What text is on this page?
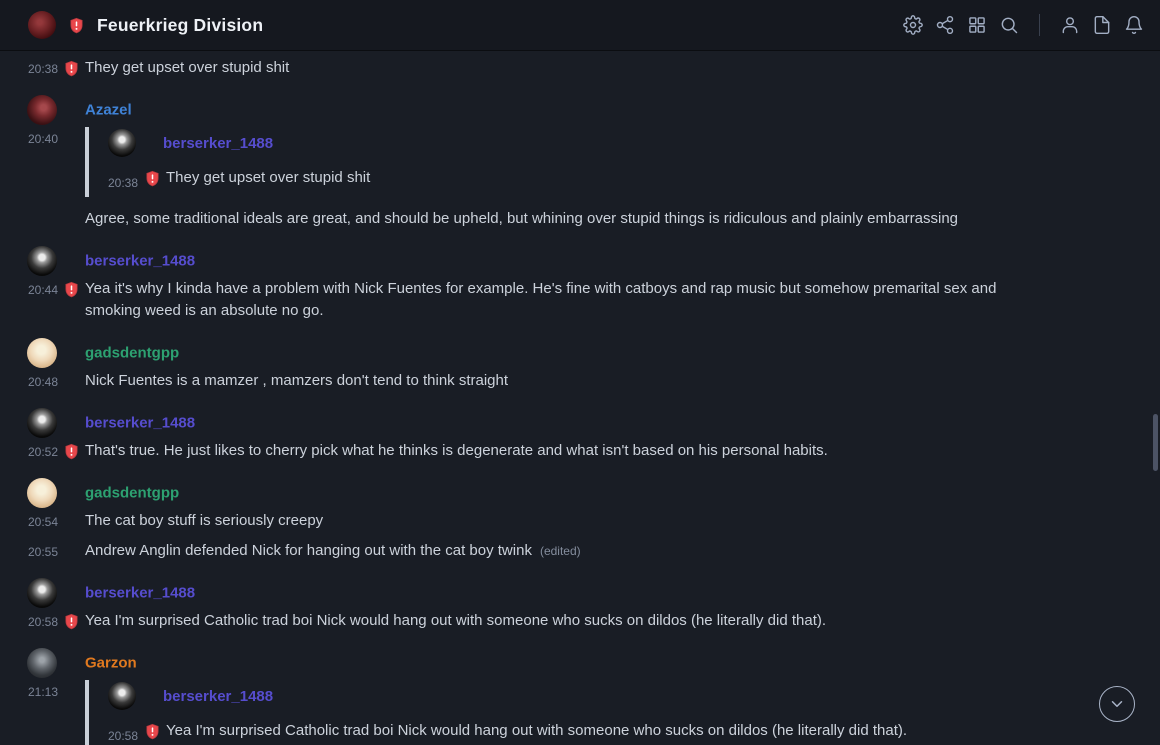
Feuerkrieg Division
20:38 They get upset over stupid shit
Azazel
20:40	berserker_1488
20:38 They get upset over stupid shit
Agree, some traditional ideals are great, and should be upheld, but whining over stupid things is ridiculous and plainly embarrassing
berserker_1488
20:44 Yea it's why I kinda have a problem with Nick Fuentes for example. He's fine with catboys and rap music but somehow premarital sex and smoking weed is an absolute no go.
gadsdentgpp
20:48 Nick Fuentes is a mamzer , mamzers don't tend to think straight
berserker_1488
20:52 That's true. He just likes to cherry pick what he thinks is degenerate and what isn't based on his personal habits.
gadsdentgpp
20:54 The cat boy stuff is seriously creepy
20:55 Andrew Anglin defended Nick for hanging out with the cat boy twink (edited)
berserker_1488
20:58 Yea I'm surprised Catholic trad boi Nick would hang out with someone who sucks on dildos (he literally did that).
Garzon
21:13	berserker_1488
20:58 Yea I'm surprised Catholic trad boi Nick would hang out with someone who sucks on dildos (he literally did that).
